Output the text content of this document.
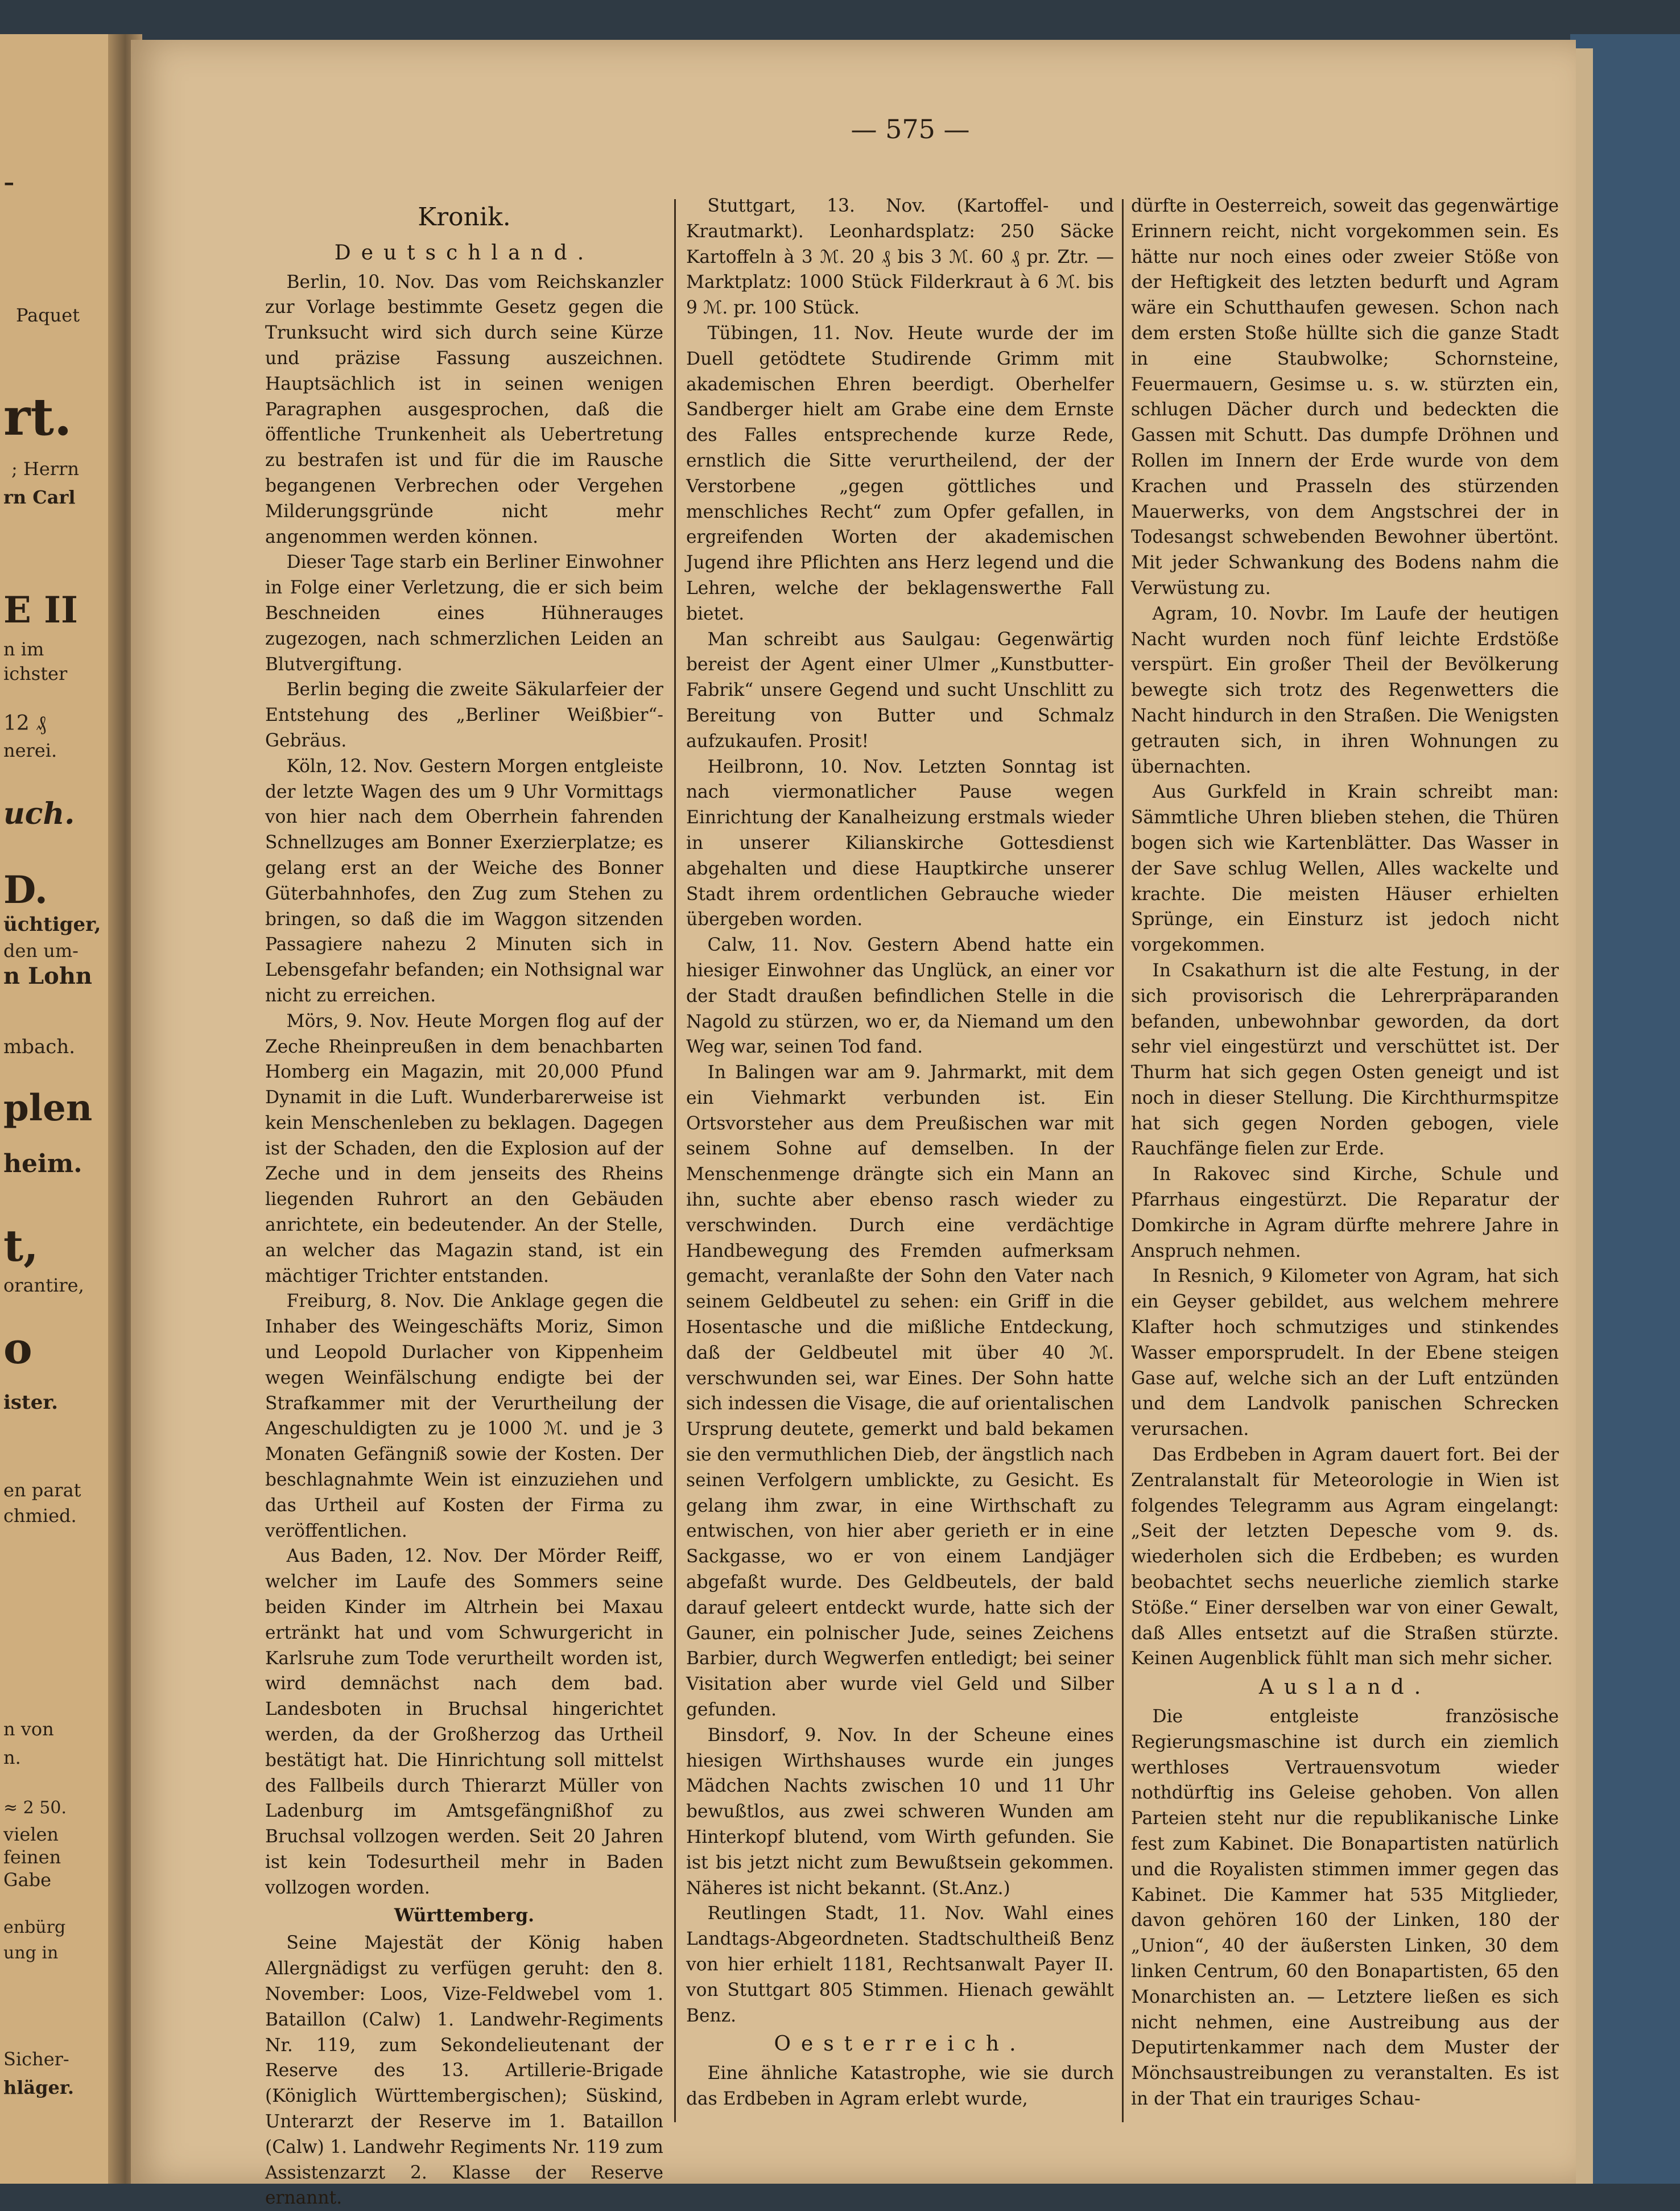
-
Paquet
rt.
; Herrn
rn Carl
E II
n im
ichster
12 ₰
nerei.
uch.
D.
üchtiger,
den um-
n Lohn
mbach.
plen
heim.
t,
orantire,
o
ister.
en parat
chmied.
n von
n.
≈ 2 50.
vielen
feinen
Gabe
enbürg
ung in
Sicher-
hläger.
— 575 —
Kronik.
Deutschland.

Berlin, 10. Nov. Das vom Reichskanzler zur Vorlage bestimmte Gesetz gegen die Trunksucht wird sich durch seine Kürze und präzise Fassung auszeichnen. Hauptsächlich ist in seinen wenigen Paragraphen ausgesprochen, daß die öffentliche Trunkenheit als Uebertretung zu bestrafen ist und für die im Rausche begangenen Verbrechen oder Vergehen Milderungsgründe nicht mehr angenommen werden können.

Dieser Tage starb ein Berliner Einwohner in Folge einer Verletzung, die er sich beim Beschneiden eines Hühnerauges zugezogen, nach schmerzlichen Leiden an Blutvergiftung.

Berlin beging die zweite Säkularfeier der Entstehung des „Berliner Weißbier“-Gebräus.

Köln, 12. Nov. Gestern Morgen entgleiste der letzte Wagen des um 9 Uhr Vormittags von hier nach dem Oberrhein fahrenden Schnellzuges am Bonner Exerzierplatze; es gelang erst an der Weiche des Bonner Güterbahnhofes, den Zug zum Stehen zu bringen, so daß die im Waggon sitzenden Passagiere nahezu 2 Minuten sich in Lebensgefahr befanden; ein Nothsignal war nicht zu erreichen.

Mörs, 9. Nov. Heute Morgen flog auf der Zeche Rheinpreußen in dem benachbarten Homberg ein Magazin, mit 20,000 Pfund Dynamit in die Luft. Wunderbarerweise ist kein Menschenleben zu beklagen. Dagegen ist der Schaden, den die Explosion auf der Zeche und in dem jenseits des Rheins liegenden Ruhrort an den Gebäuden anrichtete, ein bedeutender. An der Stelle, an welcher das Magazin stand, ist ein mächtiger Trichter entstanden.

Freiburg, 8. Nov. Die Anklage gegen die Inhaber des Weingeschäfts Moriz, Simon und Leopold Durlacher von Kippenheim wegen Weinfälschung endigte bei der Strafkammer mit der Verurtheilung der Angeschuldigten zu je 1000 ℳ. und je 3 Monaten Gefängniß sowie der Kosten. Der beschlagnahmte Wein ist einzuziehen und das Urtheil auf Kosten der Firma zu veröffentlichen.

Aus Baden, 12. Nov. Der Mörder Reiff, welcher im Laufe des Sommers seine beiden Kinder im Altrhein bei Maxau ertränkt hat und vom Schwurgericht in Karlsruhe zum Tode verurtheilt worden ist, wird demnächst nach dem bad. Landesboten in Bruchsal hingerichtet werden, da der Großherzog das Urtheil bestätigt hat. Die Hinrichtung soll mittelst des Fallbeils durch Thierarzt Müller von Ladenburg im Amtsgefängnißhof zu Bruchsal vollzogen werden. Seit 20 Jahren ist kein Todesurtheil mehr in Baden vollzogen worden.

Württemberg.

Seine Majestät der König haben Allergnädigst zu verfügen geruht: den 8. November: Loos, Vize-Feldwebel vom 1. Bataillon (Calw) 1. Landwehr-Regiments Nr. 119, zum Sekondelieutenant der Reserve des 13. Artillerie-Brigade (Königlich Württembergischen); Süskind, Unterarzt der Reserve im 1. Bataillon (Calw) 1. Landwehr Regiments Nr. 119 zum Assistenzarzt 2. Klasse der Reserve ernannt.

Stuttgart, 13. Nov. (Kartoffel- und Krautmarkt). Leonhardsplatz: 250 Säcke Kartoffeln à 3 ℳ. 20 ₰ bis 3 ℳ. 60 ₰ pr. Ztr. — Marktplatz: 1000 Stück Filderkraut à 6 ℳ. bis 9 ℳ. pr. 100 Stück.

Tübingen, 11. Nov. Heute wurde der im Duell getödtete Studirende Grimm mit akademischen Ehren beerdigt. Oberhelfer Sandberger hielt am Grabe eine dem Ernste des Falles entsprechende kurze Rede, ernstlich die Sitte verurtheilend, der der Verstorbene „gegen göttliches und menschliches Recht“ zum Opfer gefallen, in ergreifenden Worten der akademischen Jugend ihre Pflichten ans Herz legend und die Lehren, welche der beklagenswerthe Fall bietet.

Man schreibt aus Saulgau: Gegenwärtig bereist der Agent einer Ulmer „Kunstbutter-Fabrik“ unsere Gegend und sucht Unschlitt zu Bereitung von Butter und Schmalz aufzukaufen. Prosit!

Heilbronn, 10. Nov. Letzten Sonntag ist nach viermonatlicher Pause wegen Einrichtung der Kanalheizung erstmals wieder in unserer Kilianskirche Gottesdienst abgehalten und diese Hauptkirche unserer Stadt ihrem ordentlichen Gebrauche wieder übergeben worden.

Calw, 11. Nov. Gestern Abend hatte ein hiesiger Einwohner das Unglück, an einer vor der Stadt draußen befindlichen Stelle in die Nagold zu stürzen, wo er, da Niemand um den Weg war, seinen Tod fand.

In Balingen war am 9. Jahrmarkt, mit dem ein Viehmarkt verbunden ist. Ein Ortsvorsteher aus dem Preußischen war mit seinem Sohne auf demselben. In der Menschenmenge drängte sich ein Mann an ihn, suchte aber ebenso rasch wieder zu verschwinden. Durch eine verdächtige Handbewegung des Fremden aufmerksam gemacht, veranlaßte der Sohn den Vater nach seinem Geldbeutel zu sehen: ein Griff in die Hosentasche und die mißliche Entdeckung, daß der Geldbeutel mit über 40 ℳ. verschwunden sei, war Eines. Der Sohn hatte sich indessen die Visage, die auf orientalischen Ursprung deutete, gemerkt und bald bekamen sie den vermuthlichen Dieb, der ängstlich nach seinen Verfolgern umblickte, zu Gesicht. Es gelang ihm zwar, in eine Wirthschaft zu entwischen, von hier aber gerieth er in eine Sackgasse, wo er von einem Landjäger abgefaßt wurde. Des Geldbeutels, der bald darauf geleert entdeckt wurde, hatte sich der Gauner, ein polnischer Jude, seines Zeichens Barbier, durch Wegwerfen entledigt; bei seiner Visitation aber wurde viel Geld und Silber gefunden.

Binsdorf, 9. Nov. In der Scheune eines hiesigen Wirthshauses wurde ein junges Mädchen Nachts zwischen 10 und 11 Uhr bewußtlos, aus zwei schweren Wunden am Hinterkopf blutend, vom Wirth gefunden. Sie ist bis jetzt nicht zum Bewußtsein gekommen. Näheres ist nicht bekannt. (St.Anz.)

Reutlingen Stadt, 11. Nov. Wahl eines Landtags-Abgeordneten. Stadtschultheiß Benz von hier erhielt 1181, Rechtsanwalt Payer II. von Stuttgart 805 Stimmen. Hienach gewählt Benz.

Oesterreich.

Eine ähnliche Katastrophe, wie sie durch das Erdbeben in Agram erlebt wurde,

dürfte in Oesterreich, soweit das gegenwärtige Erinnern reicht, nicht vorgekommen sein. Es hätte nur noch eines oder zweier Stöße von der Heftigkeit des letzten bedurft und Agram wäre ein Schutthaufen gewesen. Schon nach dem ersten Stoße hüllte sich die ganze Stadt in eine Staubwolke; Schornsteine, Feuermauern, Gesimse u. s. w. stürzten ein, schlugen Dächer durch und bedeckten die Gassen mit Schutt. Das dumpfe Dröhnen und Rollen im Innern der Erde wurde von dem Krachen und Prasseln des stürzenden Mauerwerks, von dem Angstschrei der in Todesangst schwebenden Bewohner übertönt. Mit jeder Schwankung des Bodens nahm die Verwüstung zu.

Agram, 10. Novbr. Im Laufe der heutigen Nacht wurden noch fünf leichte Erdstöße verspürt. Ein großer Theil der Bevölkerung bewegte sich trotz des Regenwetters die Nacht hindurch in den Straßen. Die Wenigsten getrauten sich, in ihren Wohnungen zu übernachten.

Aus Gurkfeld in Krain schreibt man: Sämmtliche Uhren blieben stehen, die Thüren bogen sich wie Kartenblätter. Das Wasser in der Save schlug Wellen, Alles wackelte und krachte. Die meisten Häuser erhielten Sprünge, ein Einsturz ist jedoch nicht vorgekommen.

In Csakathurn ist die alte Festung, in der sich provisorisch die Lehrerpräparanden befanden, unbewohnbar geworden, da dort sehr viel eingestürzt und verschüttet ist. Der Thurm hat sich gegen Osten geneigt und ist noch in dieser Stellung. Die Kirchthurmspitze hat sich gegen Norden gebogen, viele Rauchfänge fielen zur Erde.

In Rakovec sind Kirche, Schule und Pfarrhaus eingestürzt. Die Reparatur der Domkirche in Agram dürfte mehrere Jahre in Anspruch nehmen.

In Resnich, 9 Kilometer von Agram, hat sich ein Geyser gebildet, aus welchem mehrere Klafter hoch schmutziges und stinkendes Wasser emporsprudelt. In der Ebene steigen Gase auf, welche sich an der Luft entzünden und dem Landvolk panischen Schrecken verursachen.

Das Erdbeben in Agram dauert fort. Bei der Zentralanstalt für Meteorologie in Wien ist folgendes Telegramm aus Agram eingelangt: „Seit der letzten Depesche vom 9. ds. wiederholen sich die Erdbeben; es wurden beobachtet sechs neuerliche ziemlich starke Stöße.“ Einer derselben war von einer Gewalt, daß Alles entsetzt auf die Straßen stürzte. Keinen Augenblick fühlt man sich mehr sicher.

Ausland.

Die entgleiste französische Regierungsmaschine ist durch ein ziemlich werthloses Vertrauensvotum wieder nothdürftig ins Geleise gehoben. Von allen Parteien steht nur die republikanische Linke fest zum Kabinet. Die Bonapartisten natürlich und die Royalisten stimmen immer gegen das Kabinet. Die Kammer hat 535 Mitglieder, davon gehören 160 der Linken, 180 der „Union“, 40 der äußersten Linken, 30 dem linken Centrum, 60 den Bonapartisten, 65 den Monarchisten an. — Letztere ließen es sich nicht nehmen, eine Austreibung aus der Deputirtenkammer nach dem Muster der Mönchsaustreibungen zu veranstalten. Es ist in der That ein trauriges Schau-
